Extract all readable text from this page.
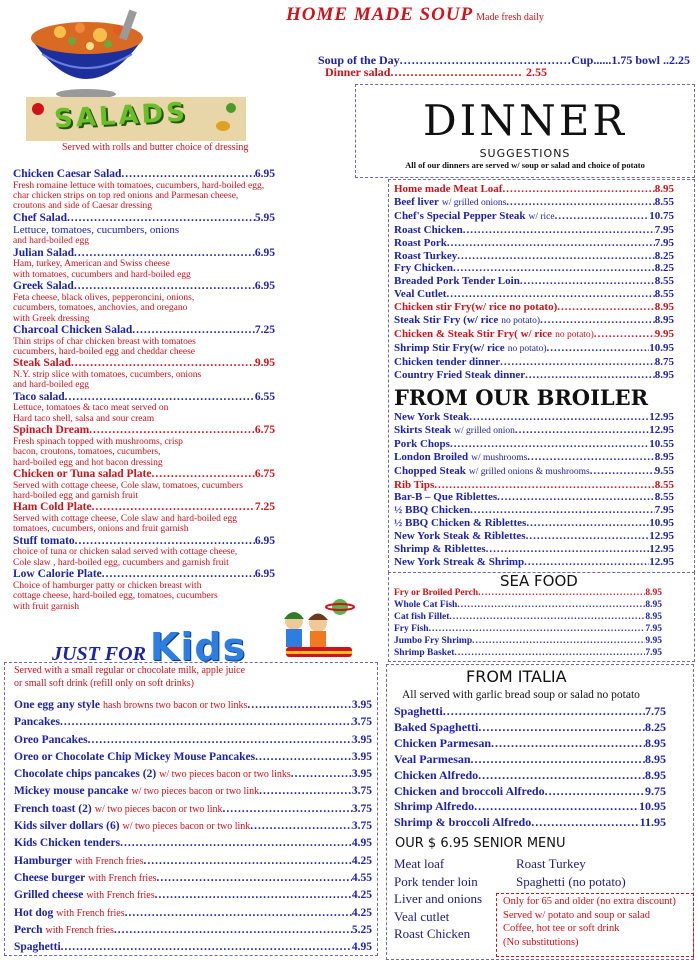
HOME MADE SOUP Made fresh daily
Soup of the Day .....	Cup......1.75 bowl ..2.25
Dinner salad .....	2.55
SALADS
Served with rolls and butter choice of dressing
Chicken Caesar Salad .....	6.95
Fresh romaine lettuce with tomatoes, cucumbers, hard-boiled egg,
char chicken strips on top red onions and Parmesan cheese,
croutons and side of Caesar dressing
Chef Salad .....	5.95
Lettuce, tomatoes, cucumbers, onions
and hard-boiled egg
Julian Salad .....	6.95
Ham, turkey, American and Swiss cheese
with tomatoes, cucumbers and hard-boiled egg
Greek Salad .....	6.95
Feta cheese, black olives, pepperoncini, onions,
cucumbers, tomatoes, anchovies, and oregano
with Greek dressing
Charcoal Chicken Salad .....	7.25
Thin strips of char chicken breast with tomatoes
cucumbers, hard-boiled egg and cheddar cheese
Steak Salad .....	9.95
N.Y. strip slice with tomatoes, cucumbers, onions
and hard-boiled egg
Taco salad .....	6.55
Lettuce, tomatoes & taco meat served on
Hard taco shell, salsa and sour cream
Spinach Dream .....	6.75
Fresh spinach topped with mushrooms, crisp
bacon, croutons, tomatoes, cucumbers,
hard-boiled egg and hot bacon dressing
Chicken or Tuna salad Plate .....	6.75
Served with cottage cheese, Cole slaw, tomatoes, cucumbers
hard-boiled egg and garnish fruit
Ham Cold Plate .....	7.25
Served with cottage cheese, Cole slaw and hard-boiled egg
tomatoes, cucumbers, onions and fruit garnish
Stuff tomato .....	6.95
choice of tuna or chicken salad served with cottage cheese,
Cole slaw , hard-boiled egg, cucumbers and garnish fruit
Low Calorie Plate .....	6.95
Choice of hamburger patty or chicken breast with
cottage cheese, hard-boiled egg, tomatoes, cucumbers
with fruit garnish
DINNER
SUGGESTIONS
All of our dinners are served w/ soup or salad and choice of potato
Home made Meat Loaf .....	8.95
Beef liver w/ grilled onions .....	8.55
Chef's Special Pepper Steak w/ rice .....	10.75
Roast Chicken .....	7.95
Roast Pork .....	7.95
Roast Turkey .....	8.25
Fry Chicken .....	8.25
Breaded Pork Tender Loin .....	8.55
Veal Cutlet .....	8.55
Chicken stir Fry(w/ rice no potato) .....	8.95
Steak Stir Fry (w/ rice no potato) .....	8.95
Chicken & Steak Stir Fry( w/ rice no potato) .....	9.95
Shrimp Stir Fry(w/ rice no potato) .....	10.95
Chicken tender dinner .....	8.75
Country Fried Steak dinner .....	8.95
FROM OUR BROILER
New York Steak .....	12.95
Skirts Steak w/ grilled onion .....	12.95
Pork Chops .....	10.55
London Broiled w/ mushrooms .....	8.95
Chopped Steak w/ grilled onions & mushrooms .....	9.55
Rib Tips .....	8.55
Bar-B – Que Riblettes .....	8.55
½ BBQ Chicken .....	7.95
½ BBQ Chicken & Riblettes .....	10.95
New York Steak & Riblettes .....	12.95
Shrimp & Riblettes .....	12.95
New York Streak & Shrimp .....	12.95
SEA FOOD
Fry or Broiled Perch .....	8.95
Whole Cat Fish .....	8.95
Cat fish Fillet .....	8.95
Fry Fish .....	7.95
Jumbo Fry Shrimp .....	9.95
Shrimp Basket .....	7.95
JUST FOR Kids
Served with a small regular or chocolate milk, apple juice
or small soft drink (refill only on soft drinks)
One egg any style hash browns two bacon or two links .....	3.95
Pancakes .....	3.75
Oreo Pancakes .....	3.95
Oreo or Chocolate Chip Mickey Mouse Pancakes .....	3.95
Chocolate chips pancakes (2) w/ two pieces bacon or two links .....	3.95
Mickey mouse pancake w/ two pieces bacon or two link .....	3.75
French toast (2) w/ two pieces bacon or two link .....	3.75
Kids silver dollars (6) w/ two pieces bacon or two link .....	3.75
Kids Chicken tenders .....	4.95
Hamburger with French fries .....	4.25
Cheese burger with French fries .....	4.55
Grilled cheese with French fries .....	4.25
Hot dog with French fries .....	4.25
Perch with French fries .....	5.25
Spaghetti .....	4.95
FROM ITALIA
All served with garlic bread soup or salad no potato
Spaghetti .....	7.75
Baked Spaghetti .....	8.25
Chicken Parmesan .....	8.95
Veal Parmesan .....	8.95
Chicken Alfredo .....	8.95
Chicken and broccoli Alfredo .....	9.75
Shrimp Alfredo .....	10.95
Shrimp & broccoli Alfredo .....	11.95
OUR $ 6.95 SENIOR MENU
Meat loaf
Pork tender loin
Liver and onions
Veal cutlet
Roast Chicken
Roast Turkey
Spaghetti (no potato)
Only for 65 and older (no extra discount)
Served w/ potato and soup or salad
Coffee, hot tee or soft drink
(No substitutions)
